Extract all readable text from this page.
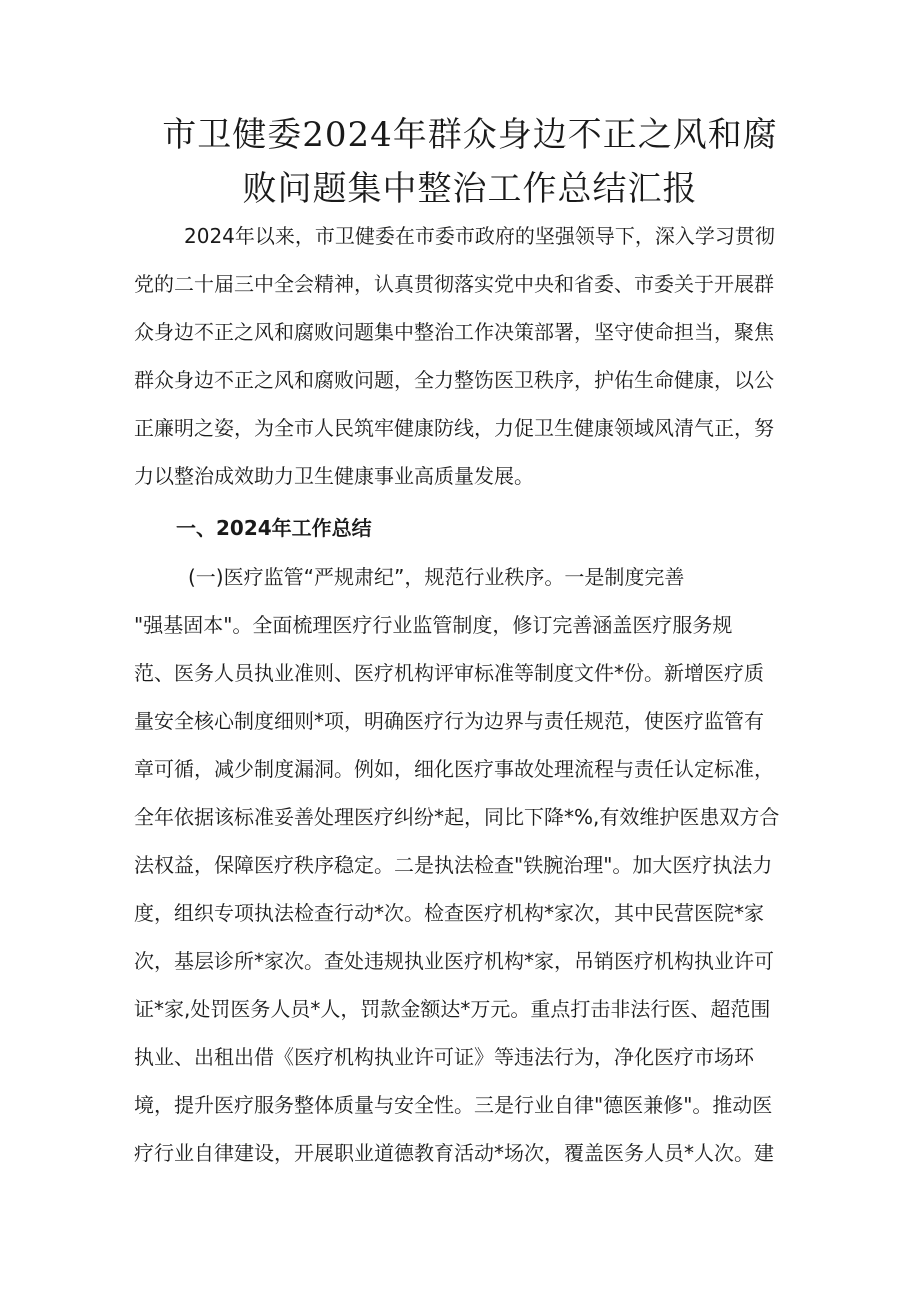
市卫健委2024年群众身边不正之风和腐
败问题集中整治工作总结汇报

2024年以来，市卫健委在市委市政府的坚强领导下，深入学习贯彻
党的二十届三中全会精神，认真贯彻落实党中央和省委、市委关于开展群
众身边不正之风和腐败问题集中整治工作决策部署，坚守使命担当，聚焦
群众身边不正之风和腐败问题，全力整饬医卫秩序，护佑生命健康，以公
正廉明之姿，为全市人民筑牢健康防线，力促卫生健康领域风清气正，努
力以整治成效助力卫生健康事业高质量发展。

一、2024年工作总结

(一)医疗监管“严规肃纪”，规范行业秩序。一是制度完善
"强基固本"。全面梳理医疗行业监管制度，修订完善涵盖医疗服务规
范、医务人员执业准则、医疗机构评审标准等制度文件*份。新增医疗质
量安全核心制度细则*项，明确医疗行为边界与责任规范，使医疗监管有
章可循，减少制度漏洞。例如，细化医疗事故处理流程与责任认定标准，
全年依据该标准妥善处理医疗纠纷*起，同比下降*%,有效维护医患双方合
法权益，保障医疗秩序稳定。二是执法检查"铁腕治理"。加大医疗执法力
度，组织专项执法检查行动*次。检查医疗机构*家次，其中民营医院*家
次，基层诊所*家次。查处违规执业医疗机构*家，吊销医疗机构执业许可
证*家,处罚医务人员*人，罚款金额达*万元。重点打击非法行医、超范围
执业、出租出借《医疗机构执业许可证》等违法行为，净化医疗市场环
境，提升医疗服务整体质量与安全性。三是行业自律"德医兼修"。推动医
疗行业自律建设，开展职业道德教育活动*场次，覆盖医务人员*人次。建
